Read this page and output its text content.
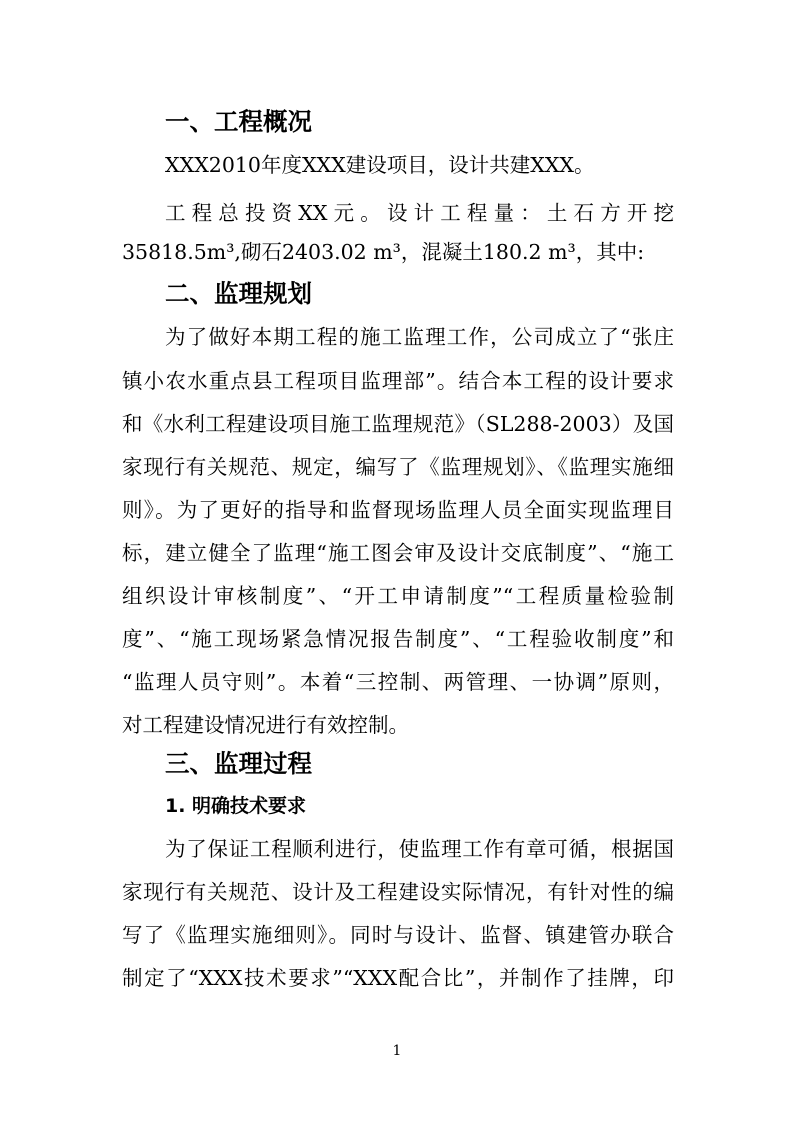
一、工程概况
XXX2010年度XXX建设项目，设计共建XXX。
工程总投资XX元。设计工程量：土石方开挖
35818.5m³,砌石2403.02 m³，混凝土180.2 m³，其中:
二、监理规划
为了做好本期工程的施工监理工作，公司成立了“张庄
镇小农水重点县工程项目监理部”。结合本工程的设计要求
和《水利工程建设项目施工监理规范》（SL288-2003）及国
家现行有关规范、规定，编写了《监理规划》、《监理实施细
则》。为了更好的指导和监督现场监理人员全面实现监理目
标，建立健全了监理“施工图会审及设计交底制度”、“施工
组织设计审核制度”、“开工申请制度”“工程质量检验制
度”、“施工现场紧急情况报告制度”、“工程验收制度”和
“监理人员守则”。本着“三控制、两管理、一协调”原则，
对工程建设情况进行有效控制。
三、监理过程
1. 明确技术要求
为了保证工程顺利进行，使监理工作有章可循，根据国
家现行有关规范、设计及工程建设实际情况，有针对性的编
写了《监理实施细则》。同时与设计、监督、镇建管办联合
制定了“XXX技术要求”“XXX配合比”，并制作了挂牌，印
1
